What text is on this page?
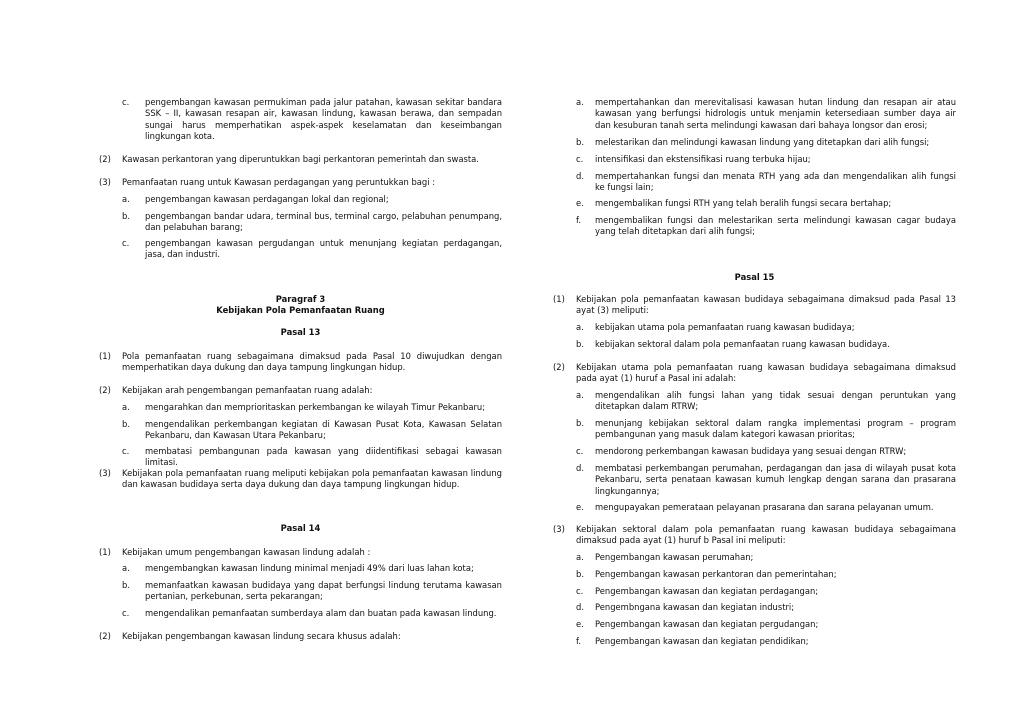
c. pengembangan kawasan permukiman pada jalur patahan, kawasan sekitar bandara SSK – II, kawasan resapan air, kawasan lindung, kawasan berawa, dan sempadan sungai harus memperhatikan aspek-aspek keselamatan dan keseimbangan lingkungan kota.
(2) Kawasan perkantoran yang diperuntukkan bagi perkantoran pemerintah dan swasta.
(3) Pemanfaatan ruang untuk Kawasan perdagangan yang peruntukkan bagi :
a. pengembangan kawasan perdagangan lokal dan regional;
b. pengembangan bandar udara, terminal bus, terminal cargo, pelabuhan penumpang, dan pelabuhan barang;
c. pengembangan kawasan pergudangan untuk menunjang kegiatan perdagangan, jasa, dan industri.
Paragraf 3
Kebijakan Pola Pemanfaatan Ruang
Pasal 13
(1) Pola pemanfaatan ruang sebagaimana dimaksud pada Pasal 10 diwujudkan dengan memperhatikan daya dukung dan daya tampung lingkungan hidup.
(2) Kebijakan arah pengembangan pemanfaatan ruang adalah:
a. mengarahkan dan memprioritaskan perkembangan ke wilayah Timur Pekanbaru;
b. mengendalikan perkembangan kegiatan di Kawasan Pusat Kota, Kawasan Selatan Pekanbaru, dan Kawasan Utara Pekanbaru;
c. membatasi pembangunan pada kawasan yang diidentifikasi sebagai kawasan limitasi.
(3) Kebijakan pola pemanfaatan ruang meliputi kebijakan pola pemanfaatan kawasan lindung dan kawasan budidaya serta daya dukung dan daya tampung lingkungan hidup.
Pasal 14
(1) Kebijakan umum pengembangan kawasan lindung adalah :
a. mengembangkan kawasan lindung minimal menjadi 49% dari luas lahan kota;
b. memanfaatkan kawasan budidaya yang dapat berfungsi lindung terutama kawasan pertanian, perkebunan, serta pekarangan;
c. mengendalikan pemanfaatan sumberdaya alam dan buatan pada kawasan lindung.
(2) Kebijakan pengembangan kawasan lindung secara khusus adalah:
a. mempertahankan dan merevitalisasi kawasan hutan lindung dan resapan air atau kawasan yang berfungsi hidrologis untuk menjamin ketersediaan sumber daya air dan kesuburan tanah serta melindungi kawasan dari bahaya longsor dan erosi;
b. melestarikan dan melindungi kawasan lindung yang ditetapkan dari alih fungsi;
c. intensifikasi dan ekstensifikasi ruang terbuka hijau;
d. mempertahankan fungsi dan menata RTH yang ada dan mengendalikan alih fungsi ke fungsi lain;
e. mengembalikan fungsi RTH yang telah beralih fungsi secara bertahap;
f. mengembalikan fungsi dan melestarikan serta melindungi kawasan cagar budaya yang telah ditetapkan dari alih fungsi;
Pasal 15
(1) Kebijakan pola pemanfaatan kawasan budidaya sebagaimana dimaksud pada Pasal 13 ayat (3) meliputi:
a. kebijakan utama pola pemanfaatan ruang kawasan budidaya;
b. kebijakan sektoral dalam pola pemanfaatan ruang kawasan budidaya.
(2) Kebijakan utama pola pemanfaatan ruang kawasan budidaya sebagaimana dimaksud pada ayat (1) huruf a Pasal ini adalah:
a. mengendalikan alih fungsi lahan yang tidak sesuai dengan peruntukan yang ditetapkan dalam RTRW;
b. menunjang kebijakan sektoral dalam rangka implementasi program – program pembangunan yang masuk dalam kategori kawasan prioritas;
c. mendorong perkembangan kawasan budidaya yang sesuai dengan RTRW;
d. membatasi perkembangan perumahan, perdagangan dan jasa di wilayah pusat kota Pekanbaru, serta penataan kawasan kumuh lengkap dengan sarana dan prasarana lingkungannya;
e. mengupayakan pemerataan pelayanan prasarana dan sarana pelayanan umum.
(3) Kebijakan sektoral dalam pola pemanfaatan ruang kawasan budidaya sebagaimana dimaksud pada ayat (1) huruf b Pasal ini meliputi:
a. Pengembangan kawasan perumahan;
b. Pengembangan kawasan perkantoran dan pemerintahan;
c. Pengembangan kawasan dan kegiatan perdagangan;
d. Pengembngana kawasan dan kegiatan industri;
e. Pengembangan kawasan dan kegiatan pergudangan;
f. Pengembangan kawasan dan kegiatan pendidikan;
